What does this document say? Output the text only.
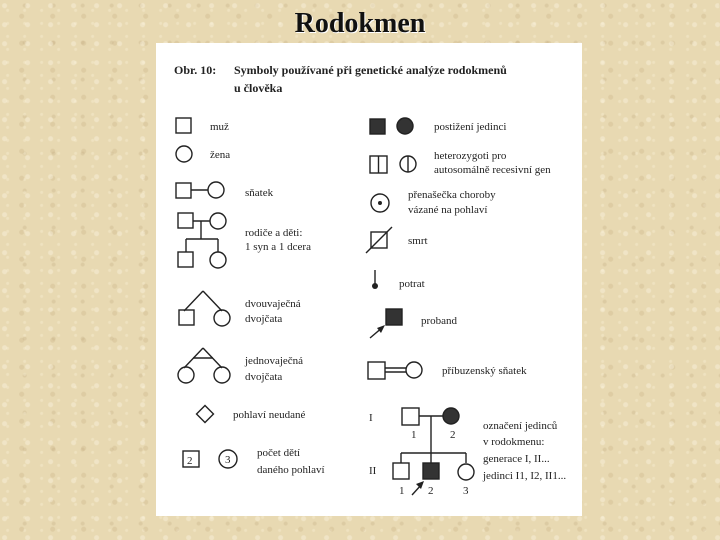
Rodokmen
Obr. 10: Symboly používané při genetické analýze rodokmenů
u člověka
muž
žena
sňatek
rodiče a děti:
1 syn a 1 dcera
dvouvaječná
dvojčata
jednovaječná
dvojčata
pohlaví neudané
2	3
počet dětí
daného pohlaví
postižení jedinci
heterozygoti pro
autosomálně recesivní gen
přenašečka choroby
vázané na pohlaví
smrt
potrat
proband
příbuzenský sňatek
I
II
1	2
1 2	3
označení jedinců
v rodokmenu:
generace I, II...
jedinci I1, I2, II1...
